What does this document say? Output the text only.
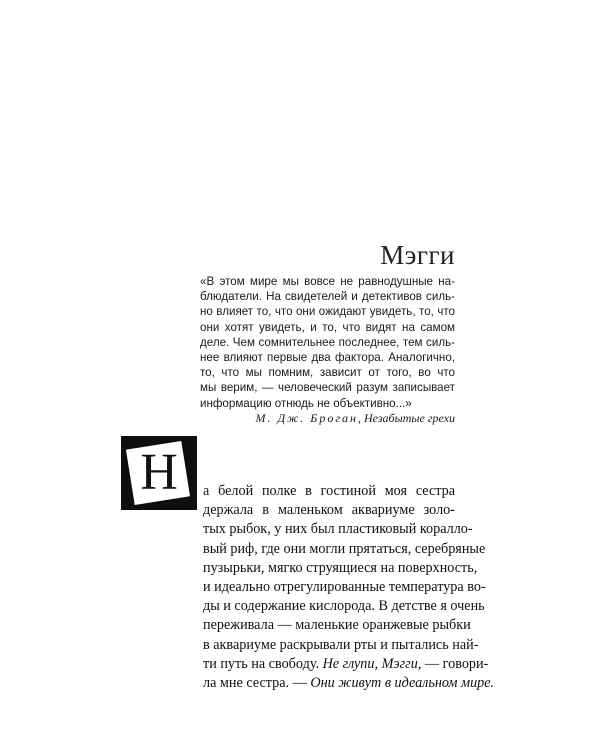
Мэгги
«В этом мире мы вовсе не равнодушные на-
блюдатели. На свидетелей и детективов силь-
но влияет то, что они ожидают увидеть, то, что
они хотят увидеть, и то, что видят на самом
деле. Чем сомнительнее последнее, тем силь-
нее влияют первые два фактора. Аналогично,
то, что мы помним, зависит от того, во что
мы верим, — человеческий разум записывает
информацию отнюдь не объективно...»
М. Дж. Броган, Незабытые грехи
Н	а белой полке в гостиной моя сестра
держала в маленьком аквариуме золо-
тых рыбок, у них был пластиковый коралло-
вый риф, где они могли прятаться, серебряные
пузырьки, мягко струящиеся на поверхность,
и идеально отрегулированные температура во-
ды и содержание кислорода. В детстве я очень
переживала — маленькие оранжевые рыбки
в аквариуме раскрывали рты и пытались най-
ти путь на свободу. Не глупи, Мэгги, — говори-
ла мне сестра. — Они живут в идеальном мире.
